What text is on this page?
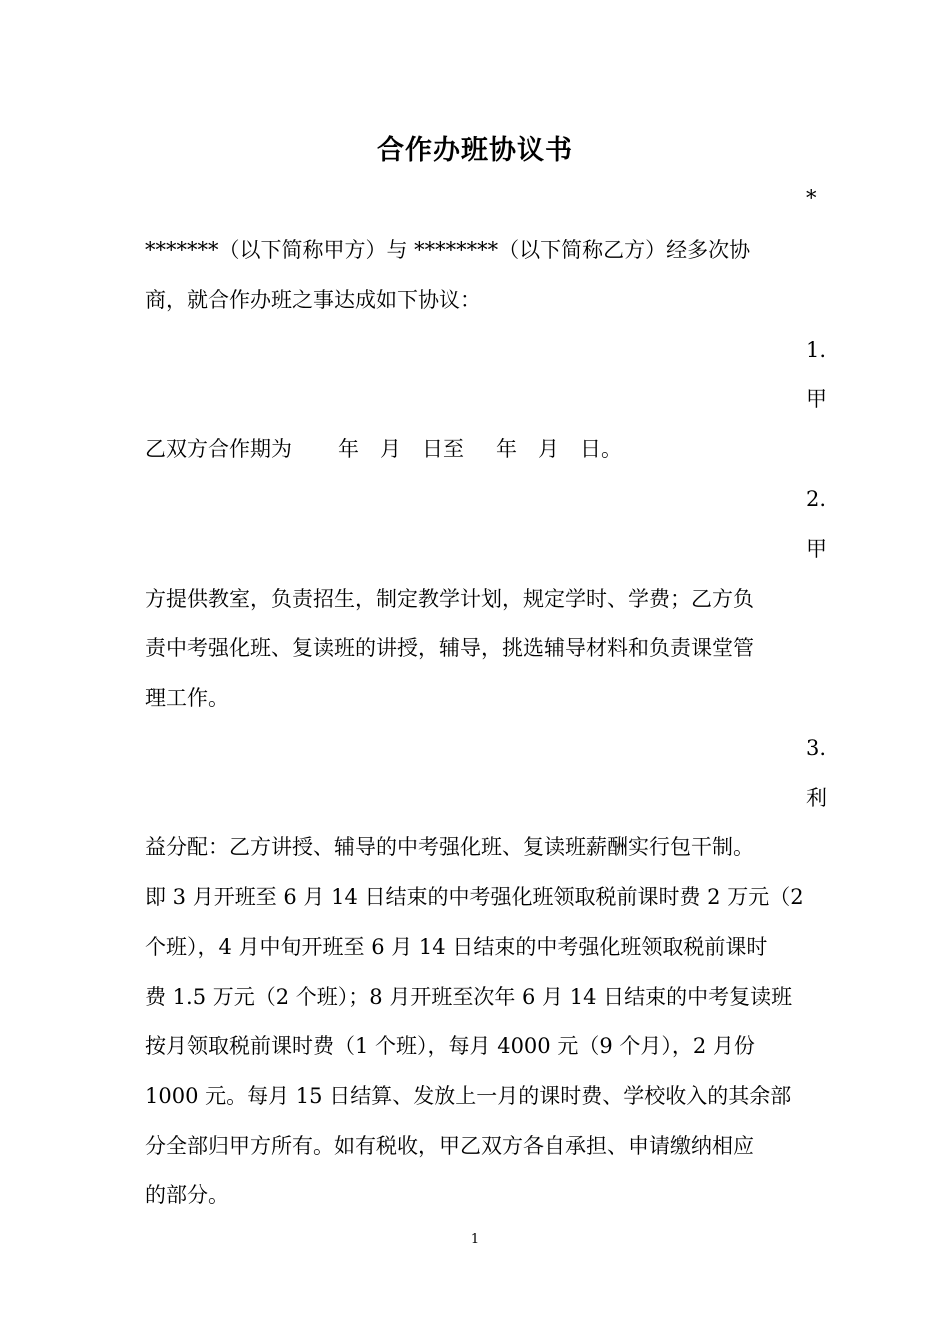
合作办班协议书
*
*******（以下简称甲方）与 ********（以下简称乙方）经多次协
商，就合作办班之事达成如下协议：
1.
甲
乙双方合作期为 年 月 日至 年 月 日。
2.
甲
方提供教室，负责招生，制定教学计划，规定学时、学费；乙方负
责中考强化班、复读班的讲授，辅导，挑选辅导材料和负责课堂管
理工作。
3.
利
益分配：乙方讲授、辅导的中考强化班、复读班薪酬实行包干制。
即 3 月开班至 6 月 14 日结束的中考强化班领取税前课时费 2 万元（2
个班），4 月中旬开班至 6 月 14 日结束的中考强化班领取税前课时
费 1.5 万元（2 个班）；8 月开班至次年 6 月 14 日结束的中考复读班
按月领取税前课时费（1 个班），每月 4000 元（9 个月），2 月份
1000 元。每月 15 日结算、发放上一月的课时费、学校收入的其余部
分全部归甲方所有。如有税收，甲乙双方各自承担、申请缴纳相应
的部分。
1
